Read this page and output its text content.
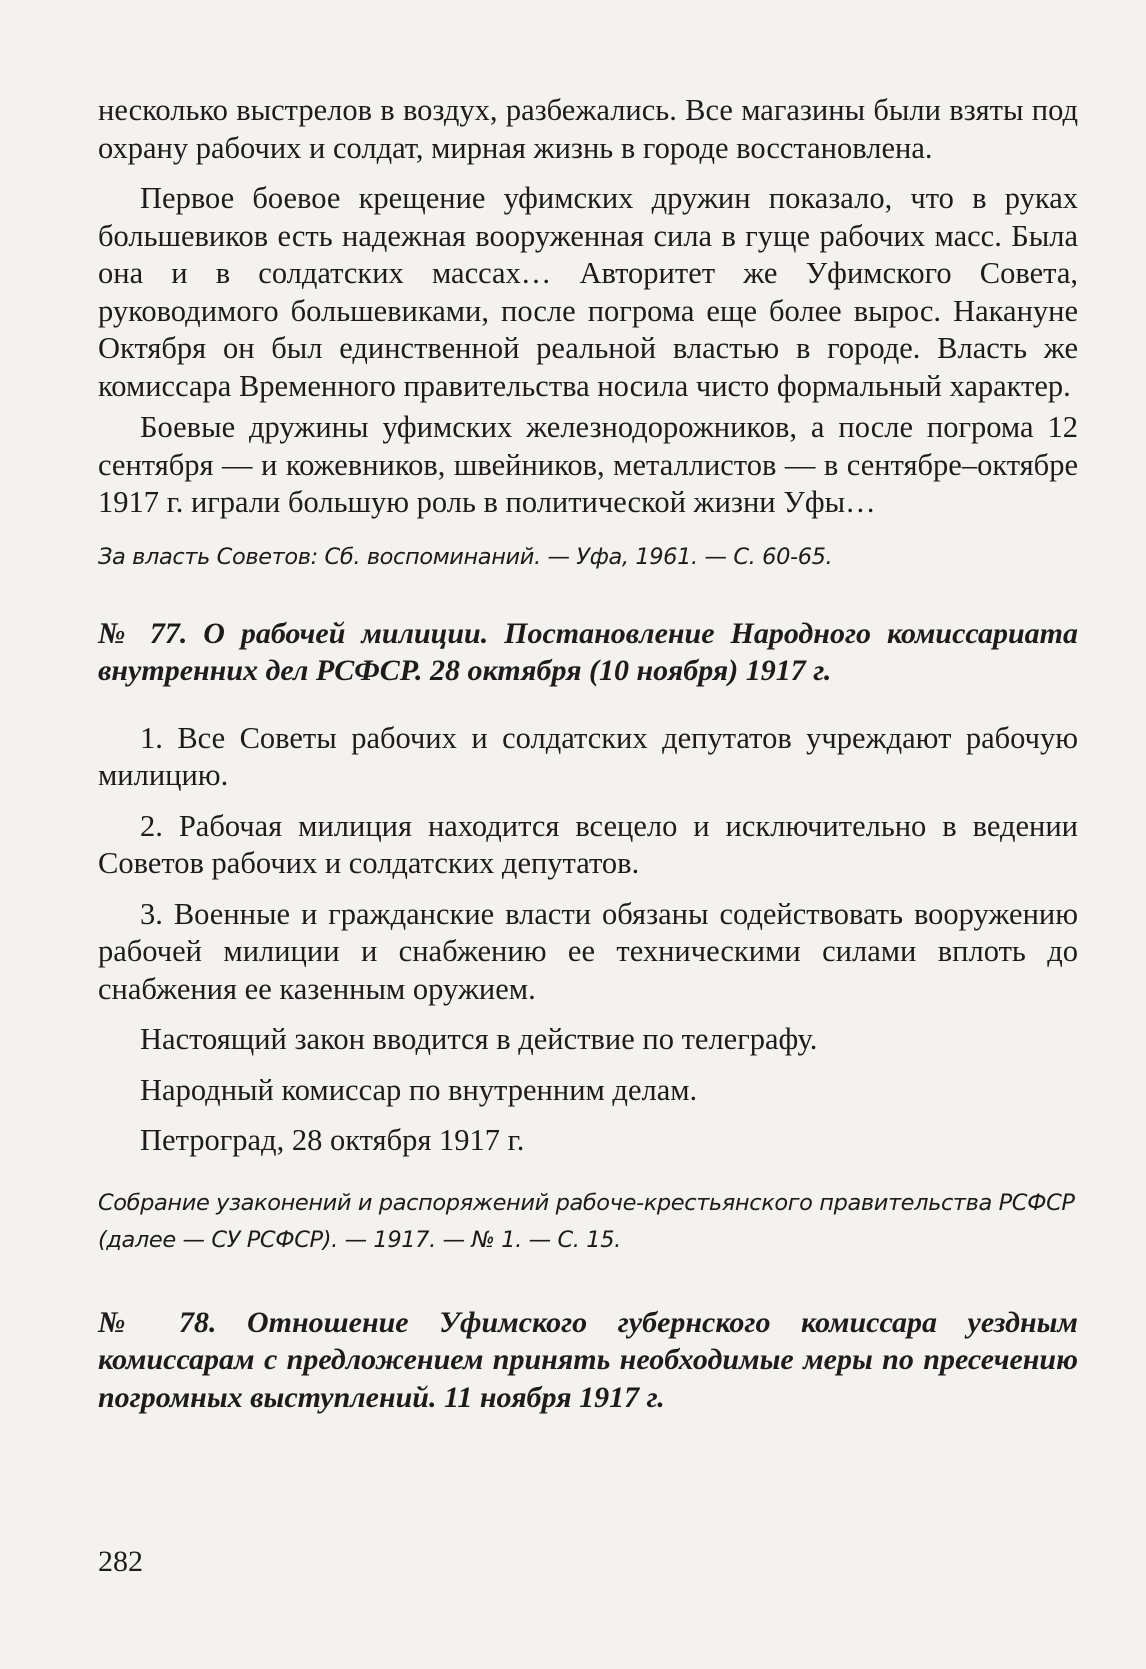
несколько выстрелов в воздух, разбежались. Все магазины были взяты под охрану рабочих и солдат, мирная жизнь в городе восстановлена.

Первое боевое крещение уфимских дружин показало, что в руках большевиков есть надежная вооруженная сила в гуще рабочих масс. Была она и в солдатских массах… Авторитет же Уфимского Совета, руководимого большевиками, после погрома еще более вырос. Накануне Октября он был единственной реальной властью в городе. Власть же комиссара Временного правительства носила чисто формальный характер.

Боевые дружины уфимских железнодорожников, а после погрома 12 сентября — и кожевников, швейников, металлистов — в сентябре–октябре 1917 г. играли большую роль в политической жизни Уфы…

За власть Советов: Сб. воспоминаний. — Уфа, 1961. — С. 60-65.

№ 77. О рабочей милиции. Постановление Народного комиссариата внутренних дел РСФСР. 28 октября (10 ноября) 1917 г.

1. Все Советы рабочих и солдатских депутатов учреждают рабочую милицию.

2. Рабочая милиция находится всецело и исключительно в ведении Советов рабочих и солдатских депутатов.

3. Военные и гражданские власти обязаны содействовать вооружению рабочей милиции и снабжению ее техническими силами вплоть до снабжения ее казенным оружием.

Настоящий закон вводится в действие по телеграфу.

Народный комиссар по внутренним делам.

Петроград, 28 октября 1917 г.

Собрание узаконений и распоряжений рабоче-крестьянского правительства РСФСР (далее — СУ РСФСР). — 1917. — № 1. — С. 15.

№ 78. Отношение Уфимского губернского комиссара уездным комиссарам с предложением принять необходимые меры по пресечению погромных выступлений. 11 ноября 1917 г.

282
